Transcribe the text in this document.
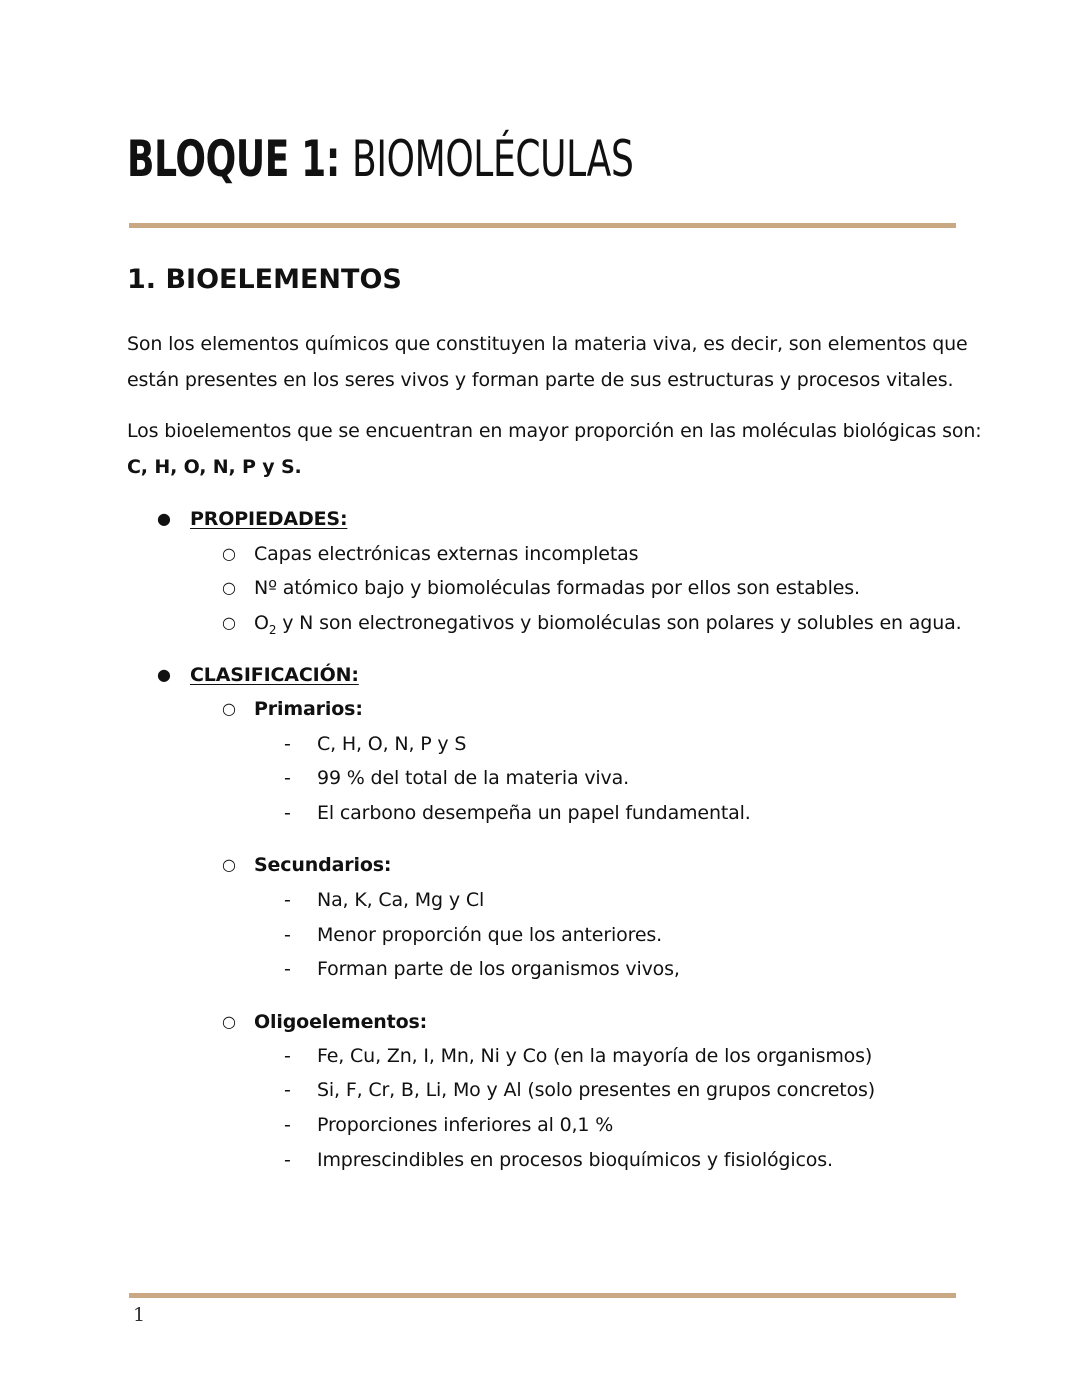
BLOQUE 1: BIOMOLÉCULAS
1. BIOELEMENTOS

Son los elementos químicos que constituyen la materia viva, es decir, son elementos que

están presentes en los seres vivos y forman parte de sus estructuras y procesos vitales.

Los bioelementos que se encuentran en mayor proporción en las moléculas biológicas son:

C, H, O, N, P y S.

● PROPIEDADES:
○ Capas electrónicas externas incompletas
○ Nº atómico bajo y biomoléculas formadas por ellos son estables.
○ $O_2$ y N son electronegativos y biomoléculas son polares y solubles en agua.
● CLASIFICACIÓN:
○ Primarios:
- C, H, O, N, P y S
- 99 % del total de la materia viva.
- El carbono desempeña un papel fundamental.
○ Secundarios:
- Na, K, Ca, Mg y Cl
- Menor proporción que los anteriores.
- Forman parte de los organismos vivos,
○ Oligoelementos:
- Fe, Cu, Zn, I, Mn, Ni y Co (en la mayoría de los organismos)
- Si, F, Cr, B, Li, Mo y Al (solo presentes en grupos concretos)
- Proporciones inferiores al 0,1 %
- Imprescindibles en procesos bioquímicos y fisiológicos.
1
